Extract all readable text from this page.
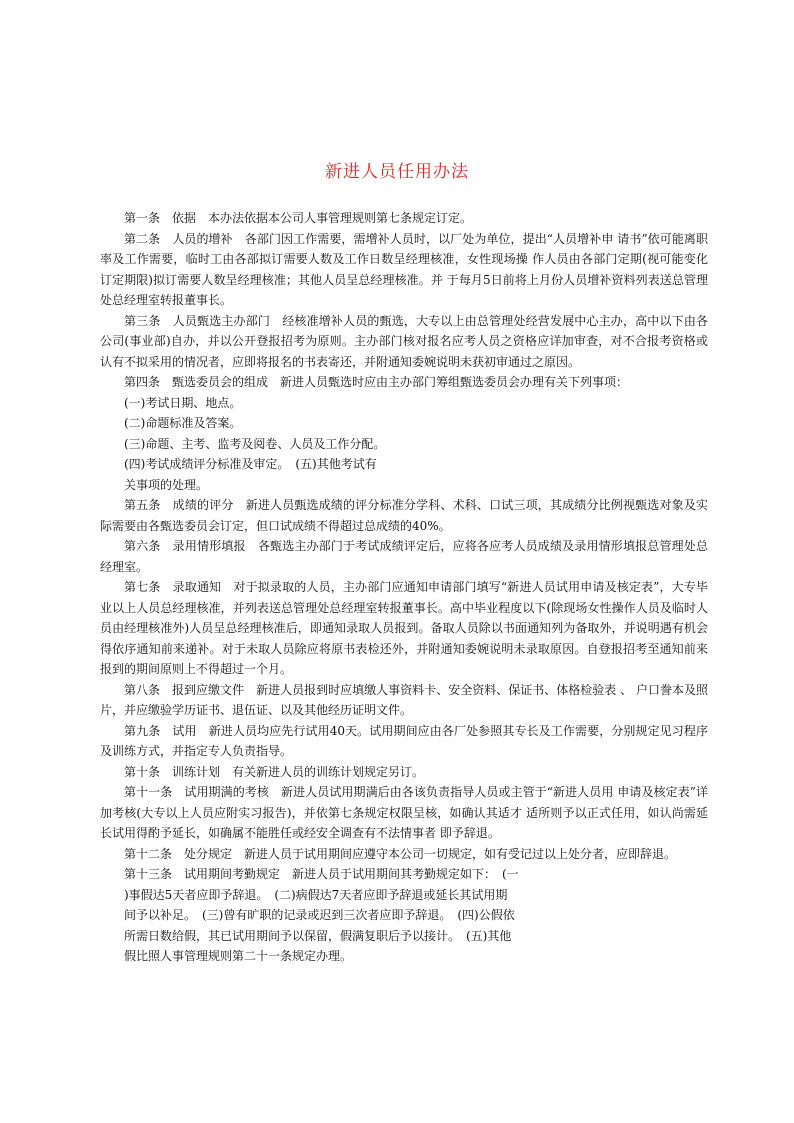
新进人员任用办法

第一条　依据　本办法依据本公司人事管理规则第七条规定订定。

第二条　人员的增补　各部门因工作需要，需增补人员时，以厂处为单位，提出“人员增补申 请书”依可能离职率及工作需要，临时工由各部拟订需要人数及工作日数呈经理核准，女性现场操 作人员由各部门定期(视可能变化订定期限)拟订需要人数呈经理核准；其他人员呈总经理核准。并 于每月5日前将上月份人员增补资料列表送总管理处总经理室转报董事长。

第三条　人员甄选主办部门　经核准增补人员的甄选，大专以上由总管理处经营发展中心主办，高中以下由各公司(事业部)自办，并以公开登报招考为原则。主办部门核对报名应考人员之资格应详加审查，对不合报考资格或认有不拟采用的情况者，应即将报名的书表寄还，并附通知委婉说明未获初审通过之原因。

第四条　甄选委员会的组成　新进人员甄选时应由主办部门筹组甄选委员会办理有关下列事项：

(一)考试日期、地点。

(二)命题标准及答案。

(三)命题、主考、监考及阅卷、人员及工作分配。

(四)考试成绩评分标准及审定。　(五)其他考试有

关事项的处理。

第五条　成绩的评分　新进人员甄选成绩的评分标准分学科、术科、口试三项，其成绩分比例视甄选对象及实际需要由各甄选委员会订定，但口试成绩不得超过总成绩的40%。

第六条　录用情形填报　各甄选主办部门于考试成绩评定后，应将各应考人员成绩及录用情形填报总管理处总经理室。

第七条　录取通知　对于拟录取的人员，主办部门应通知申请部门填写“新进人员试用申请及核定表”，大专毕业以上人员总经理核准，并列表送总管理处总经理室转报董事长。高中毕业程度以下(除现场女性操作人员及临时人员由经理核准外)人员呈总经理核准后，即通知录取人员报到。备取人员除以书面通知列为备取外，并说明遇有机会得依序通知前来递补。对于未取人员除应将原书表检还外，并附通知委婉说明未录取原因。自登报招考至通知前来报到的期间原则上不得超过一个月。

第八条　报到应缴文件　新进人员报到时应填缴人事资料卡、安全资料、保证书、体格检验表 、 户口誊本及照片，并应缴验学历证书、退伍证、以及其他经历证明文件。

第九条　试用　新进人员均应先行试用40天。试用期间应由各厂处参照其专长及工作需要，分别规定见习程序及训练方式，并指定专人负责指导。

第十条　训练计划　有关新进人员的训练计划规定另订。

第十一条　试用期满的考核　新进人员试用期满后由各该负责指导人员或主管于“新进人员用 申请及核定表”详加考核(大专以上人员应附实习报告)，并依第七条规定权限呈核，如确认其适才 适所则予以正式任用，如认尚需延长试用得酌予延长，如确属不能胜任或经安全调查有不法情事者 即予辞退。

第十二条　处分规定　新进人员于试用期间应遵守本公司一切规定，如有受记过以上处分者，应即辞退。

第十三条　试用期间考勤规定　新进人员于试用期间其考勤规定如下：　(一

)事假达5天者应即予辞退。　(二)病假达7天者应即予辞退或延长其试用期

间予以补足。　(三)曾有旷职的记录或迟到三次者应即予辞退。　(四)公假依

所需日数给假，其已试用期间予以保留，假满复职后予以接计。　(五)其他

假比照人事管理规则第二十一条规定办理。
